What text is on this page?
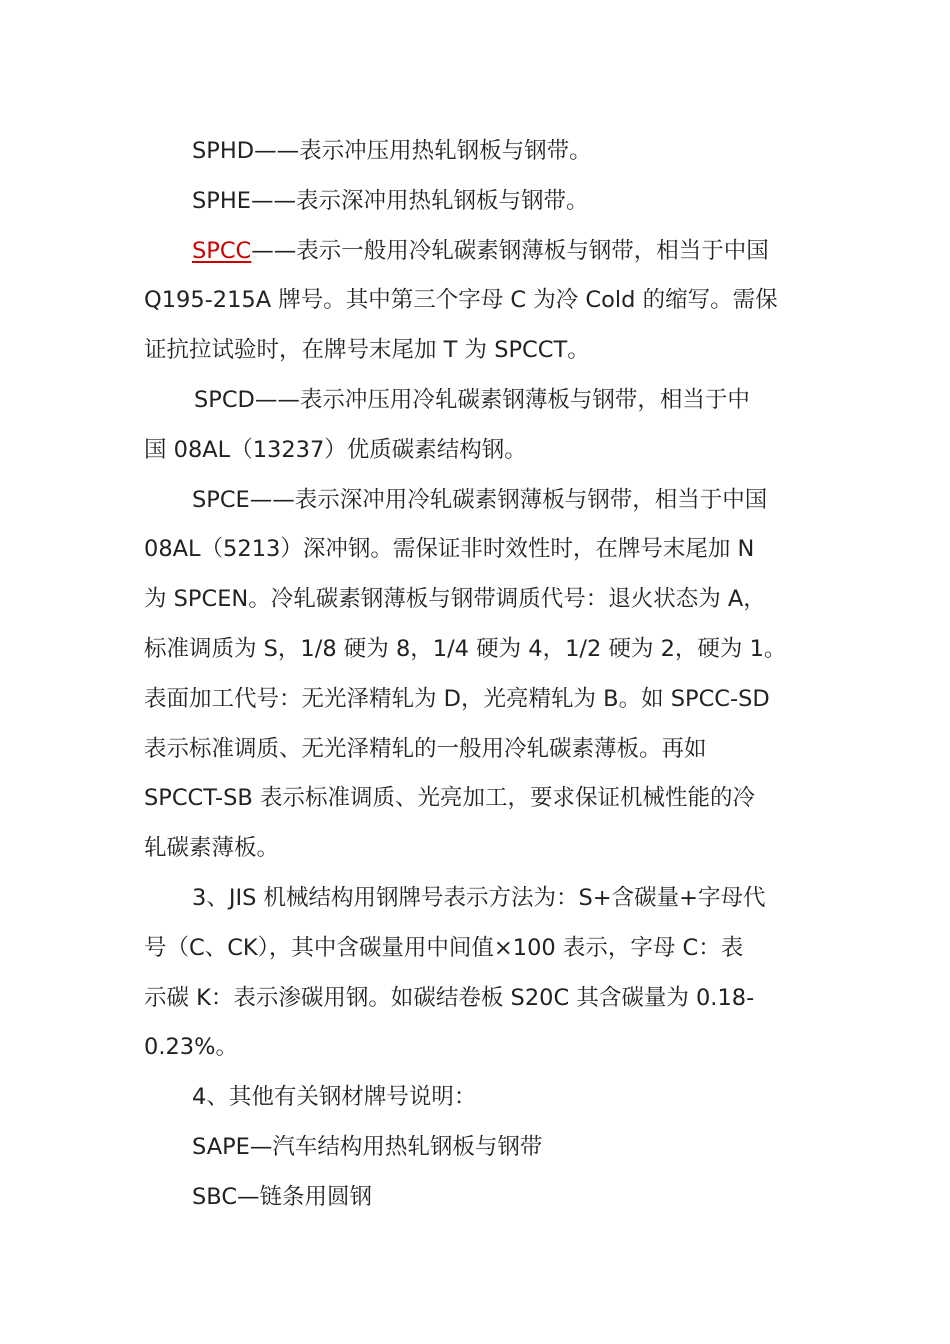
SPHD——表示冲压用热轧钢板与钢带。
SPHE——表示深冲用热轧钢板与钢带。
SPCC——表示一般用冷轧碳素钢薄板与钢带，相当于中国
Q195-215A 牌号。其中第三个字母 C 为冷 Cold 的缩写。需保
证抗拉试验时，在牌号末尾加 T 为 SPCCT。
SPCD——表示冲压用冷轧碳素钢薄板与钢带，相当于中
国 08AL（13237）优质碳素结构钢。
SPCE——表示深冲用冷轧碳素钢薄板与钢带，相当于中国
08AL（5213）深冲钢。需保证非时效性时，在牌号末尾加 N
为 SPCEN。冷轧碳素钢薄板与钢带调质代号：退火状态为 A，
标准调质为 S，1/8 硬为 8，1/4 硬为 4，1/2 硬为 2，硬为 1。
表面加工代号：无光泽精轧为 D，光亮精轧为 B。如 SPCC-SD
表示标准调质、无光泽精轧的一般用冷轧碳素薄板。再如
SPCCT-SB 表示标准调质、光亮加工，要求保证机械性能的冷
轧碳素薄板。
3、JIS 机械结构用钢牌号表示方法为：S+含碳量+字母代
号（C、CK），其中含碳量用中间值×100 表示，字母 C：表
示碳 K：表示渗碳用钢。如碳结卷板 S20C 其含碳量为 0.18-
0.23%。
4、其他有关钢材牌号说明：
SAPE—汽车结构用热轧钢板与钢带
SBC—链条用圆钢
